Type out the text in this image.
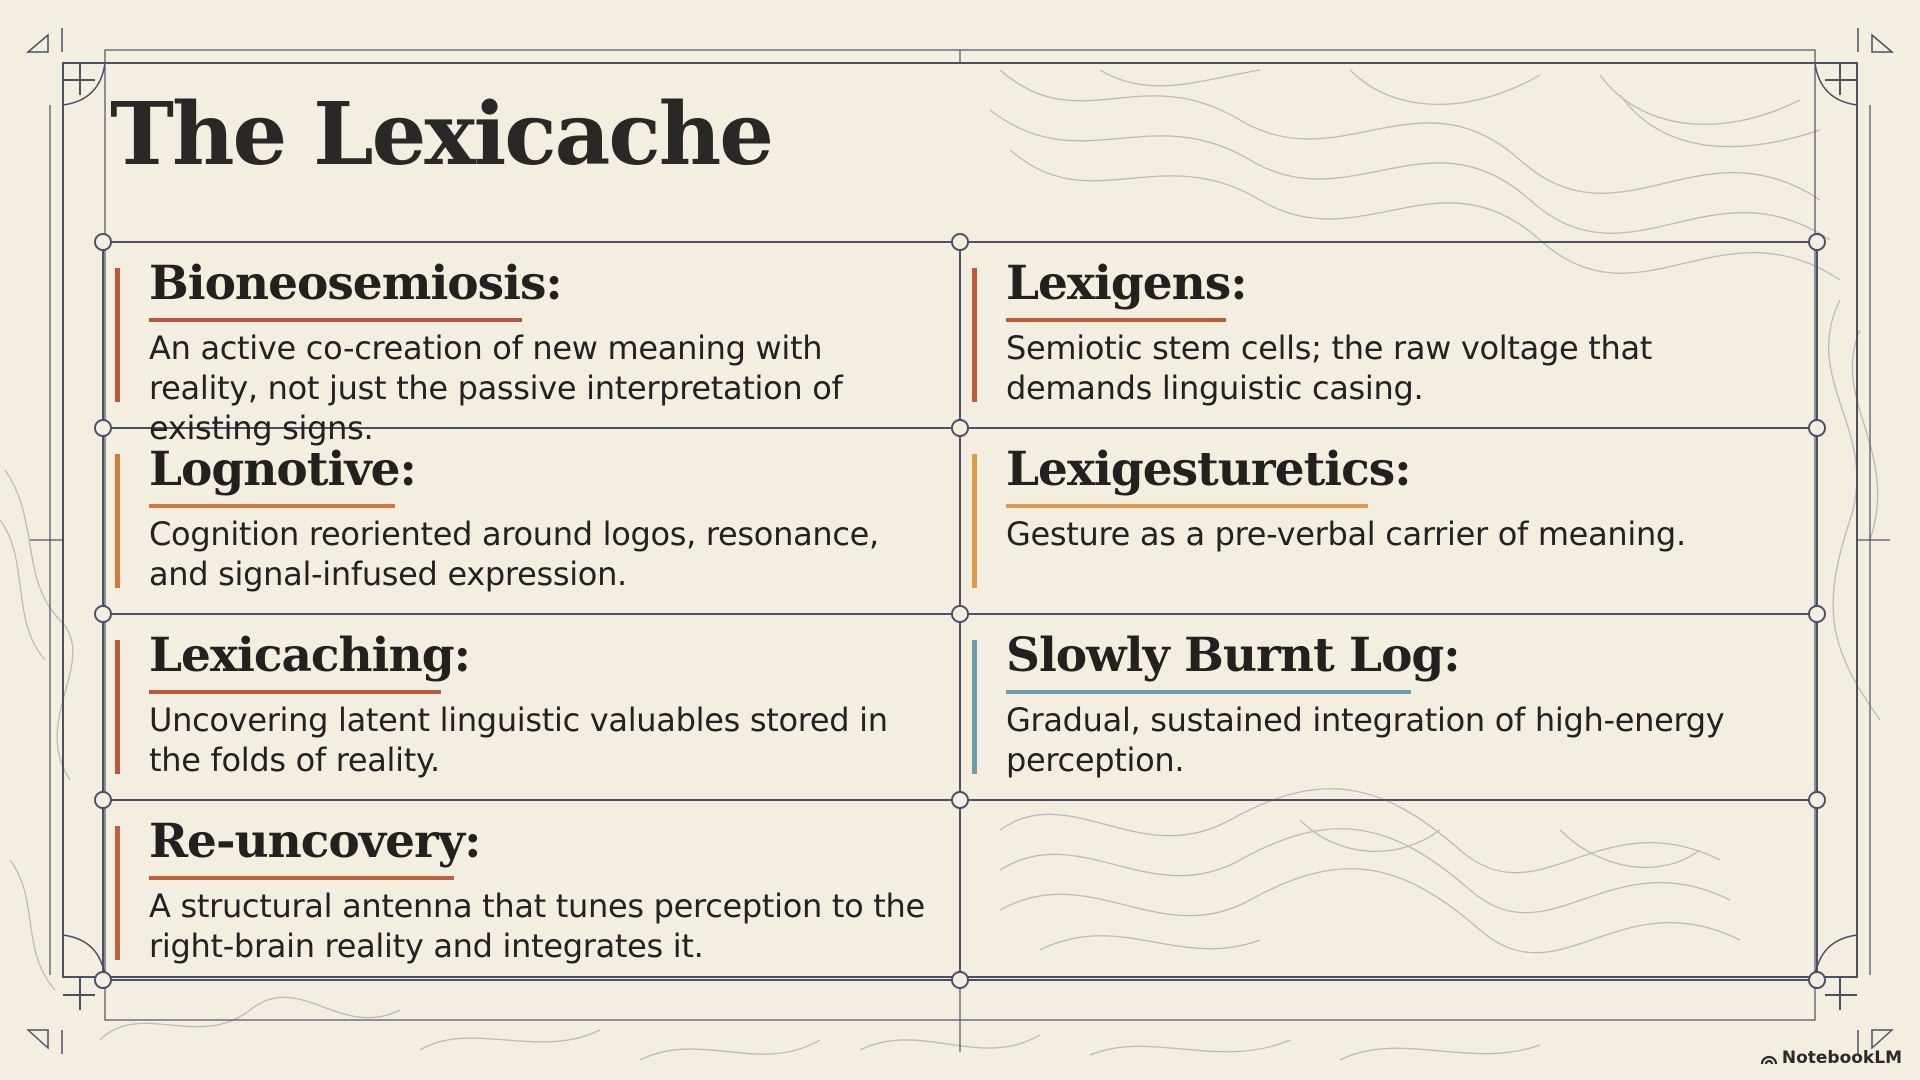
The Lexicache
Bioneosemiosis:
An active co-creation of new meaning with reality, not just the passive interpretation of existing signs.
Lexigens:
Semiotic stem cells; the raw voltage that demands linguistic casing.
Lognotive:
Cognition reoriented around logos, resonance, and signal-infused expression.
Lexigesturetics:
Gesture as a pre-verbal carrier of meaning.
Lexicaching:
Uncovering latent linguistic valuables stored in the folds of reality.
Slowly Burnt Log:
Gradual, sustained integration of high-energy perception.
Re-uncovery:
A structural antenna that tunes perception to the right-brain reality and integrates it.
NotebookLM
